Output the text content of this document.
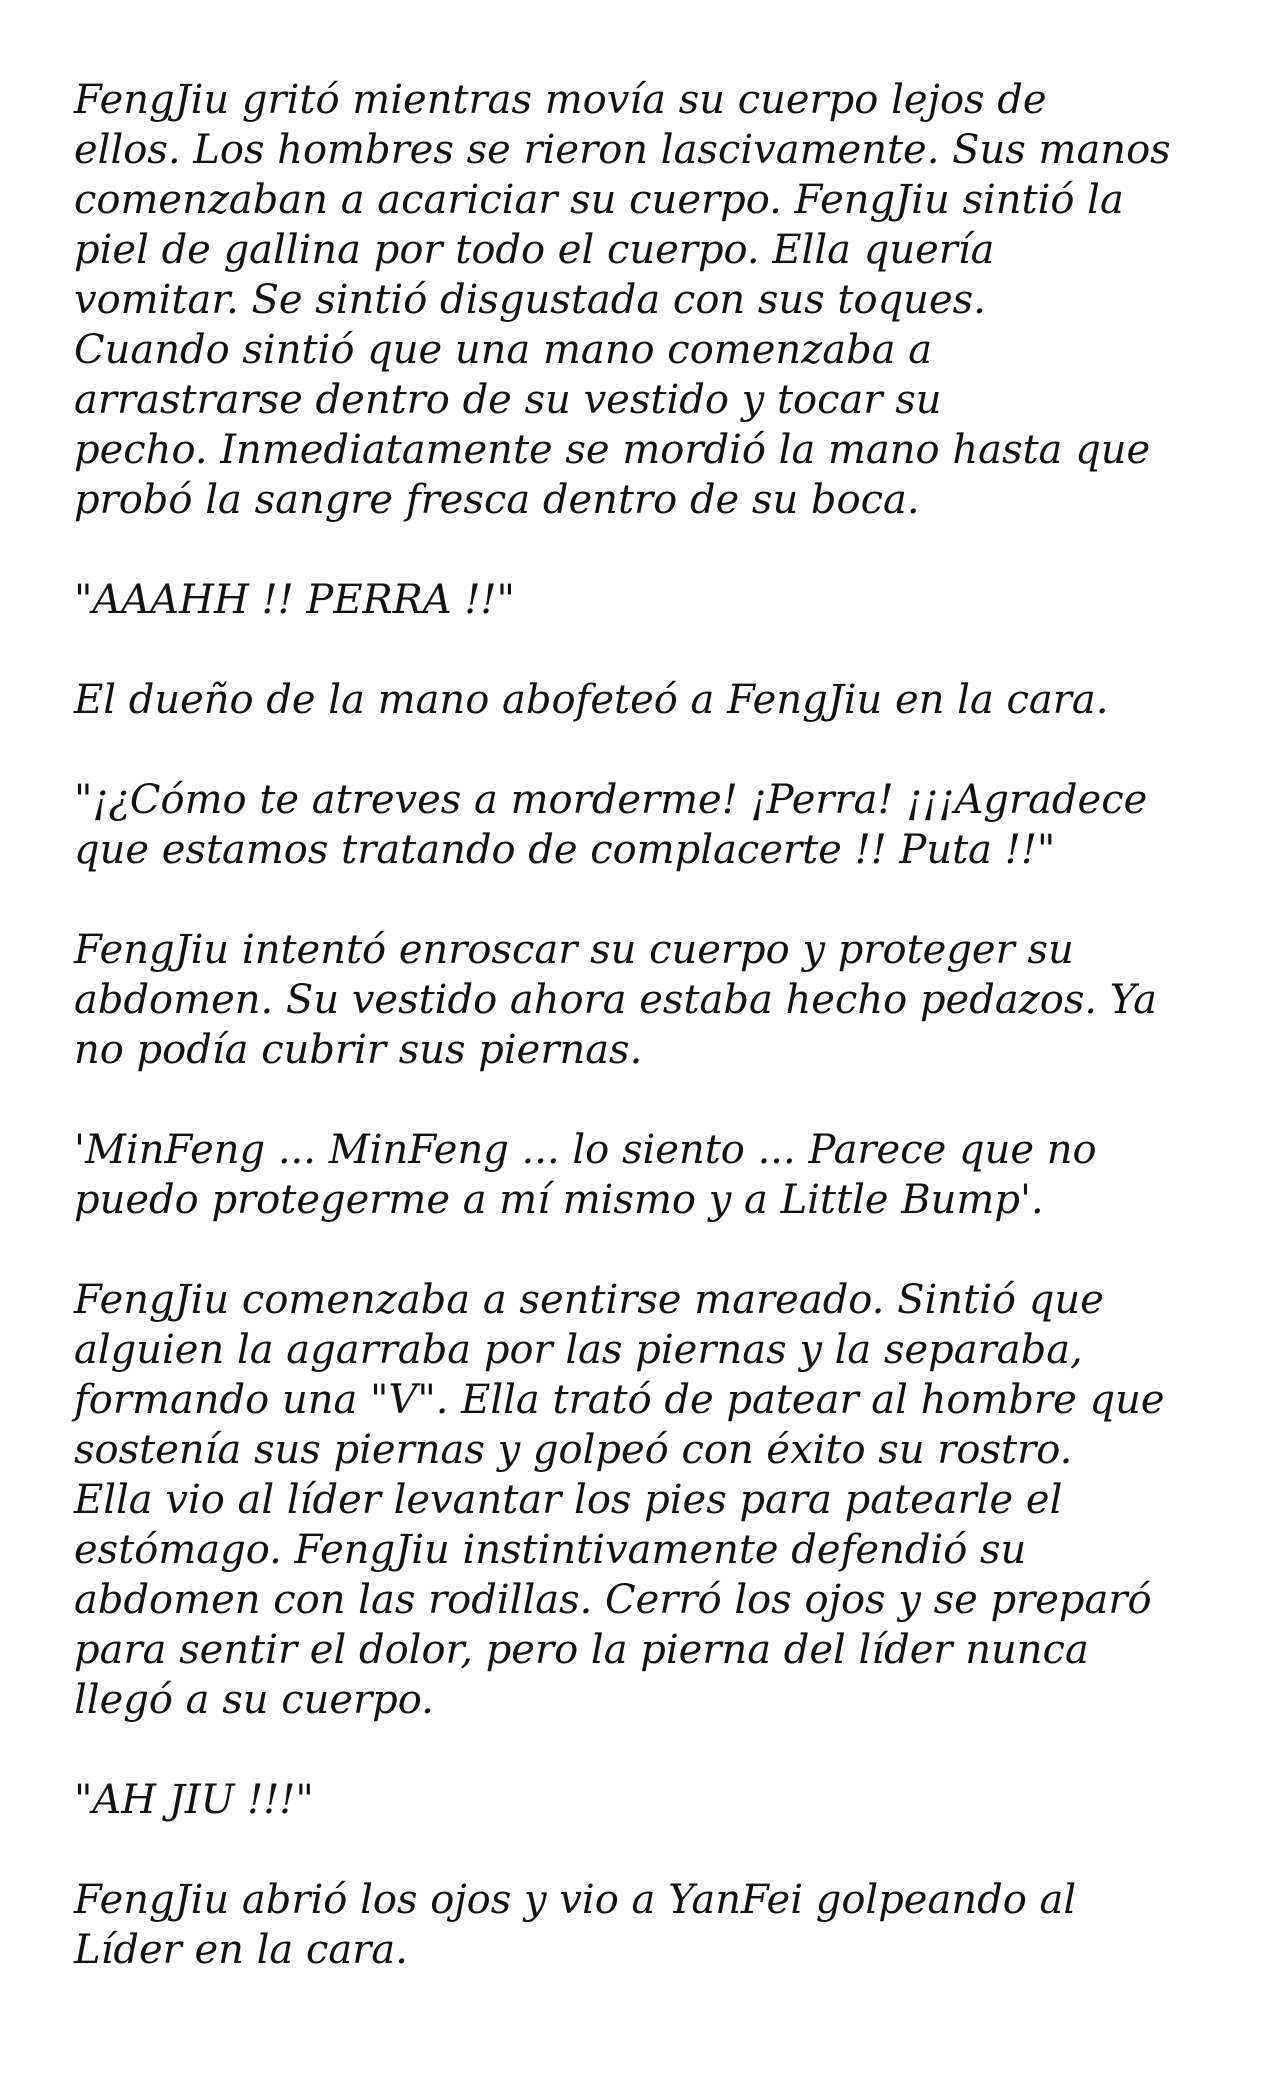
FengJiu gritó mientras movía su cuerpo lejos de
ellos. Los hombres se rieron lascivamente. Sus manos
comenzaban a acariciar su cuerpo. FengJiu sintió la
piel de gallina por todo el cuerpo. Ella quería
vomitar. Se sintió disgustada con sus toques.
Cuando sintió que una mano comenzaba a
arrastrarse dentro de su vestido y tocar su
pecho. Inmediatamente se mordió la mano hasta que
probó la sangre fresca dentro de su boca.
"AAAHH !! PERRA !!"
El dueño de la mano abofeteó a FengJiu en la cara.
"¡¿Cómo te atreves a morderme! ¡Perra! ¡¡¡Agradece
que estamos tratando de complacerte !! Puta !!"
FengJiu intentó enroscar su cuerpo y proteger su
abdomen. Su vestido ahora estaba hecho pedazos. Ya
no podía cubrir sus piernas.
'MinFeng ... MinFeng ... lo siento ... Parece que no
puedo protegerme a mí mismo y a Little Bump'.
FengJiu comenzaba a sentirse mareado. Sintió que
alguien la agarraba por las piernas y la separaba,
formando una "V". Ella trató de patear al hombre que
sostenía sus piernas y golpeó con éxito su rostro.
Ella vio al líder levantar los pies para patearle el
estómago. FengJiu instintivamente defendió su
abdomen con las rodillas. Cerró los ojos y se preparó
para sentir el dolor, pero la pierna del líder nunca
llegó a su cuerpo.
"AH JIU !!!"
FengJiu abrió los ojos y vio a YanFei golpeando al
Líder en la cara.
